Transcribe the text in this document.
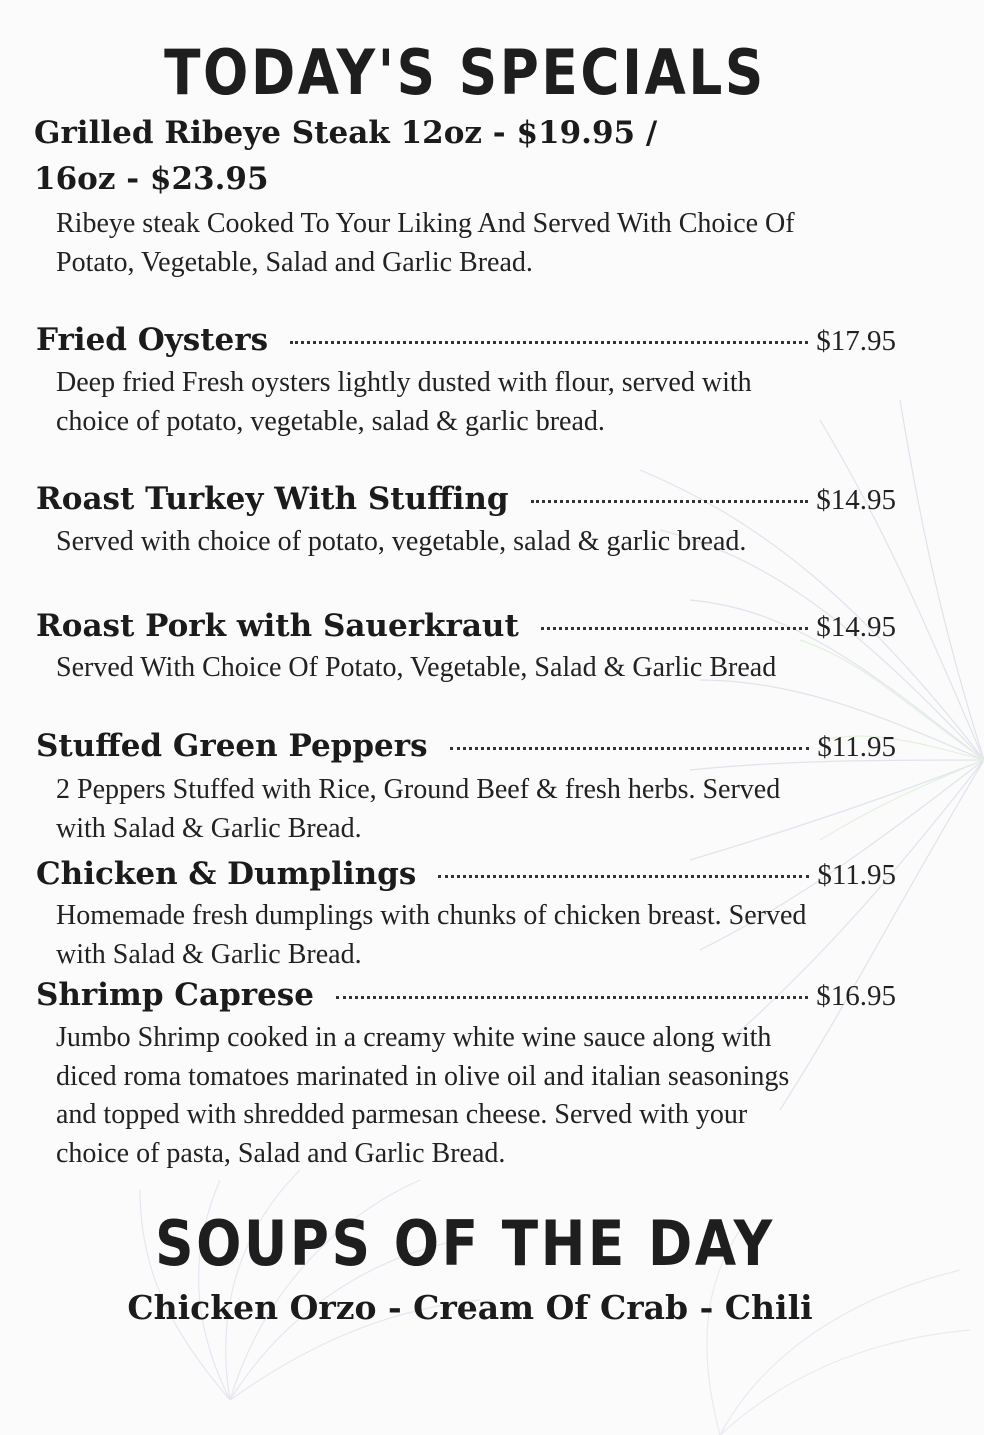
TODAY'S SPECIALS
Grilled Ribeye Steak 12oz - $19.95 /
16oz - $23.95

Ribeye steak Cooked To Your Liking And Served With Choice Of Potato, Vegetable, Salad and Garlic Bread.

Fried Oysters	$17.95

Deep fried Fresh oysters lightly dusted with flour, served with choice of potato, vegetable, salad & garlic bread.

Roast Turkey With Stuffing	$14.95

Served with choice of potato, vegetable, salad & garlic bread.

Roast Pork with Sauerkraut	$14.95

Served With Choice Of Potato, Vegetable, Salad & Garlic Bread

Stuffed Green Peppers	$11.95

2 Peppers Stuffed with Rice, Ground Beef & fresh herbs. Served with Salad & Garlic Bread.

Chicken & Dumplings	$11.95

Homemade fresh dumplings with chunks of chicken breast. Served with Salad & Garlic Bread.

Shrimp Caprese	$16.95

Jumbo Shrimp cooked in a creamy white wine sauce along with diced roma tomatoes marinated in olive oil and italian seasonings and topped with shredded parmesan cheese. Served with your choice of pasta, Salad and Garlic Bread.

SOUPS OF THE DAY
Chicken Orzo - Cream Of Crab - Chili
